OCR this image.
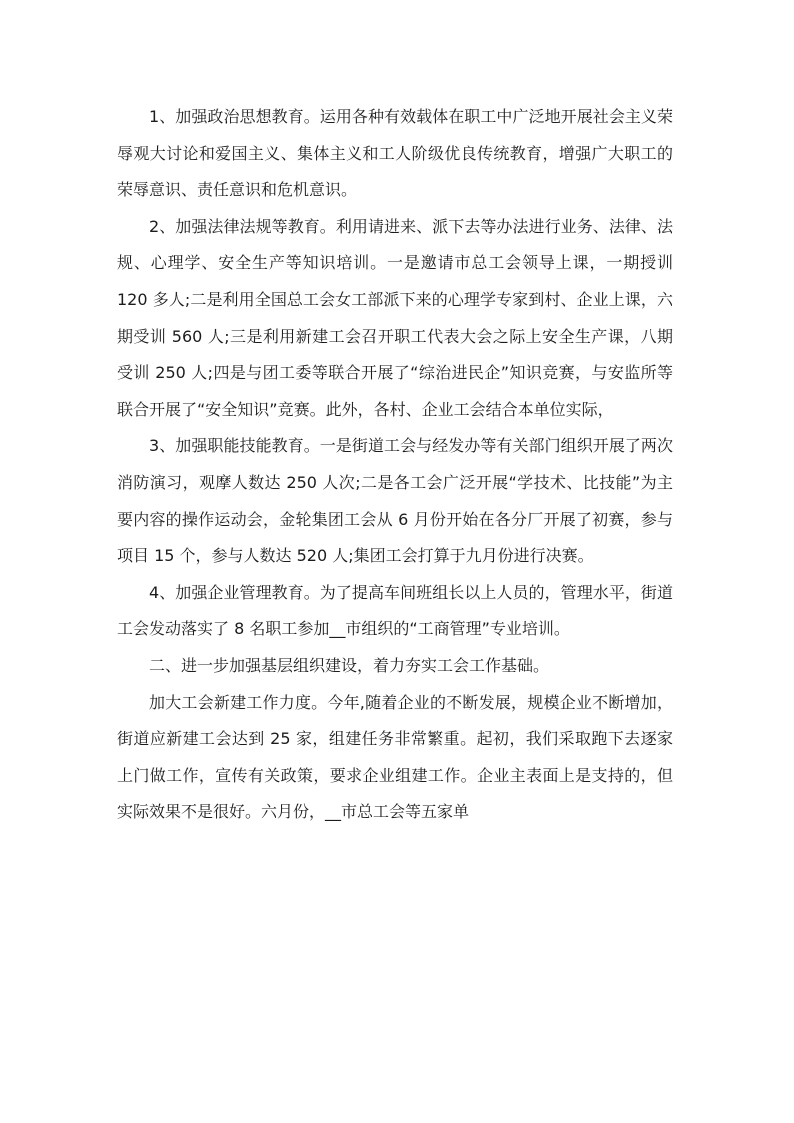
1、加强政治思想教育。运用各种有效载体在职工中广泛地开展社会主义荣辱观大讨论和爱国主义、集体主义和工人阶级优良传统教育，增强广大职工的荣辱意识、责任意识和危机意识。

2、加强法律法规等教育。利用请进来、派下去等办法进行业务、法律、法规、心理学、安全生产等知识培训。一是邀请市总工会领导上课，一期授训 120 多人;二是利用全国总工会女工部派下来的心理学专家到村、企业上课，六期受训 560 人;三是利用新建工会召开职工代表大会之际上安全生产课，八期受训 250 人;四是与团工委等联合开展了“综治进民企”知识竞赛，与安监所等联合开展了“安全知识”竞赛。此外，各村、企业工会结合本单位实际，

3、加强职能技能教育。一是街道工会与经发办等有关部门组织开展了两次消防演习，观摩人数达 250 人次;二是各工会广泛开展“学技术、比技能”为主要内容的操作运动会，金轮集团工会从 6 月份开始在各分厂开展了初赛，参与项目 15 个，参与人数达 520 人;集团工会打算于九月份进行决赛。

4、加强企业管理教育。为了提高车间班组长以上人员的，管理水平，街道工会发动落实了 8 名职工参加__市组织的“工商管理”专业培训。

二、进一步加强基层组织建设，着力夯实工会工作基础。

加大工会新建工作力度。今年,随着企业的不断发展，规模企业不断增加，街道应新建工会达到 25 家，组建任务非常繁重。起初，我们采取跑下去逐家上门做工作，宣传有关政策，要求企业组建工作。企业主表面上是支持的，但实际效果不是很好。六月份，__市总工会等五家单
